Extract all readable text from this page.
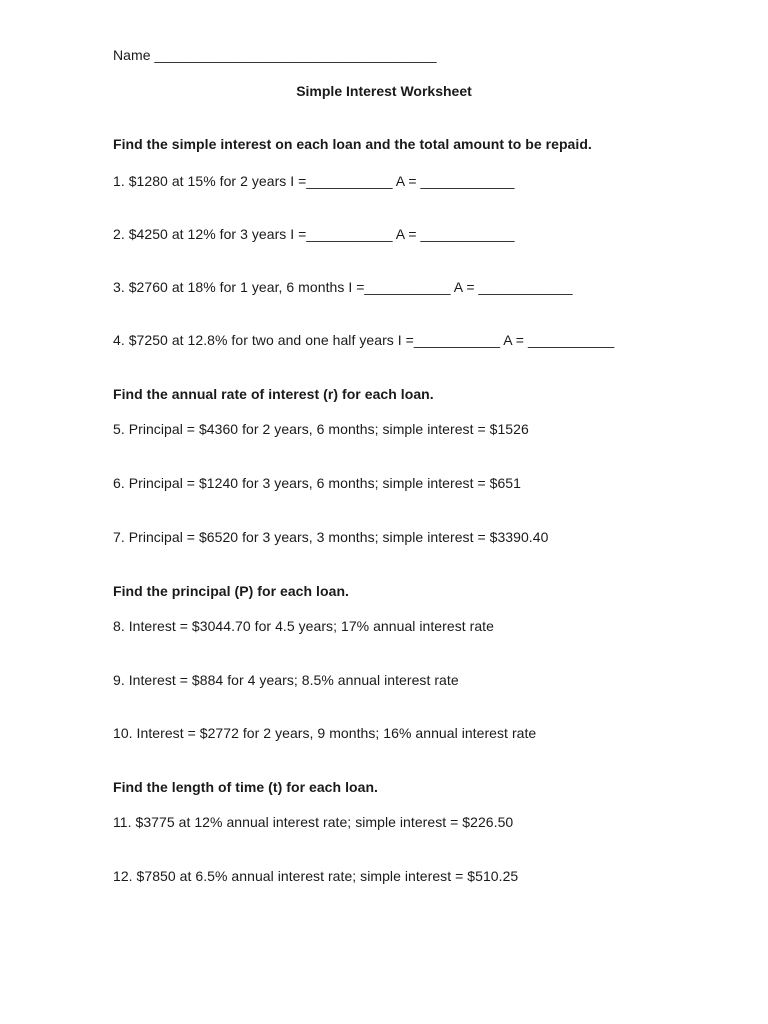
Name ____________________________________
Simple Interest Worksheet
Find the simple interest on each loan and the total amount to be repaid.
1. $1280 at 15% for 2 years I =___________ A = ____________
2. $4250 at 12% for 3 years I =___________ A = ____________
3. $2760 at 18% for 1 year, 6 months I =___________ A = ____________
4. $7250 at 12.8% for two and one half years I =___________ A = ___________
Find the annual rate of interest (r) for each loan.
5. Principal = $4360 for 2 years, 6 months; simple interest = $1526
6. Principal = $1240 for 3 years, 6 months; simple interest = $651
7. Principal = $6520 for 3 years, 3 months; simple interest = $3390.40
Find the principal (P) for each loan.
8. Interest = $3044.70 for 4.5 years; 17% annual interest rate
9. Interest = $884 for 4 years; 8.5% annual interest rate
10. Interest = $2772 for 2 years, 9 months; 16% annual interest rate
Find the length of time (t) for each loan.
11. $3775 at 12% annual interest rate; simple interest = $226.50
12. $7850 at 6.5% annual interest rate; simple interest = $510.25
